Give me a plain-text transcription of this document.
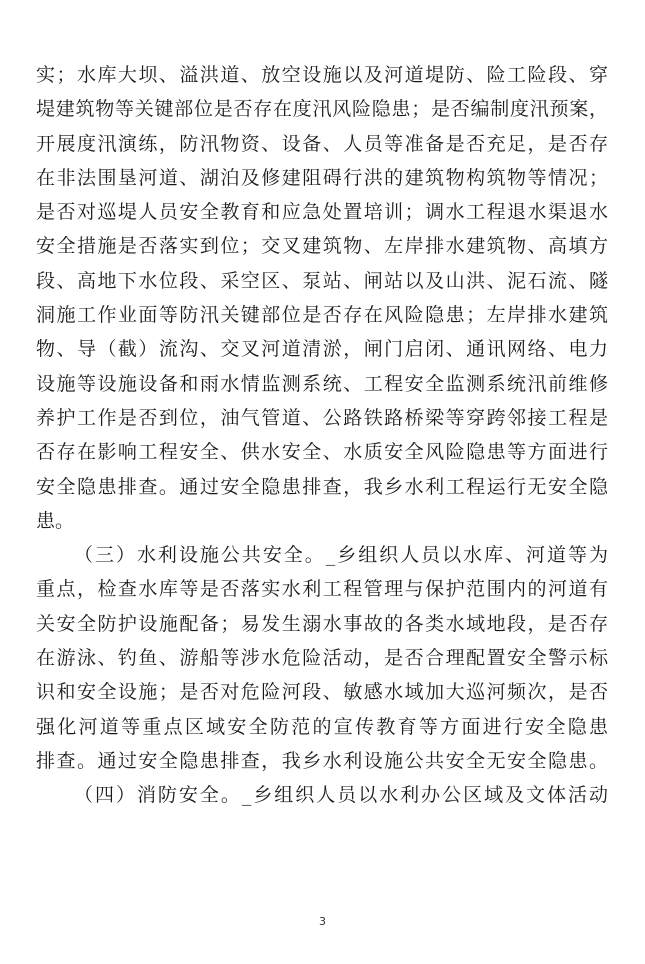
实；水库大坝、溢洪道、放空设施以及河道堤防、险工险段、穿
堤建筑物等关键部位是否存在度汛风险隐患；是否编制度汛预案，
开展度汛演练，防汛物资、设备、人员等准备是否充足，是否存
在非法围垦河道、湖泊及修建阻碍行洪的建筑物构筑物等情况；
是否对巡堤人员安全教育和应急处置培训；调水工程退水渠退水
安全措施是否落实到位；交叉建筑物、左岸排水建筑物、高填方
段、高地下水位段、采空区、泵站、闸站以及山洪、泥石流、隧
洞施工作业面等防汛关键部位是否存在风险隐患；左岸排水建筑
物、导（截）流沟、交叉河道清淤，闸门启闭、通讯网络、电力
设施等设施设备和雨水情监测系统、工程安全监测系统汛前维修
养护工作是否到位，油气管道、公路铁路桥梁等穿跨邻接工程是
否存在影响工程安全、供水安全、水质安全风险隐患等方面进行
安全隐患排查。通过安全隐患排查，我乡水利工程运行无安全隐
患。
（三）水利设施公共安全。_乡组织人员以水库、河道等为
重点，检查水库等是否落实水利工程管理与保护范围内的河道有
关安全防护设施配备；易发生溺水事故的各类水域地段，是否存
在游泳、钓鱼、游船等涉水危险活动，是否合理配置安全警示标
识和安全设施；是否对危险河段、敏感水域加大巡河频次，是否
强化河道等重点区域安全防范的宣传教育等方面进行安全隐患
排查。通过安全隐患排查，我乡水利设施公共安全无安全隐患。
（四）消防安全。_乡组织人员以水利办公区域及文体活动
3
